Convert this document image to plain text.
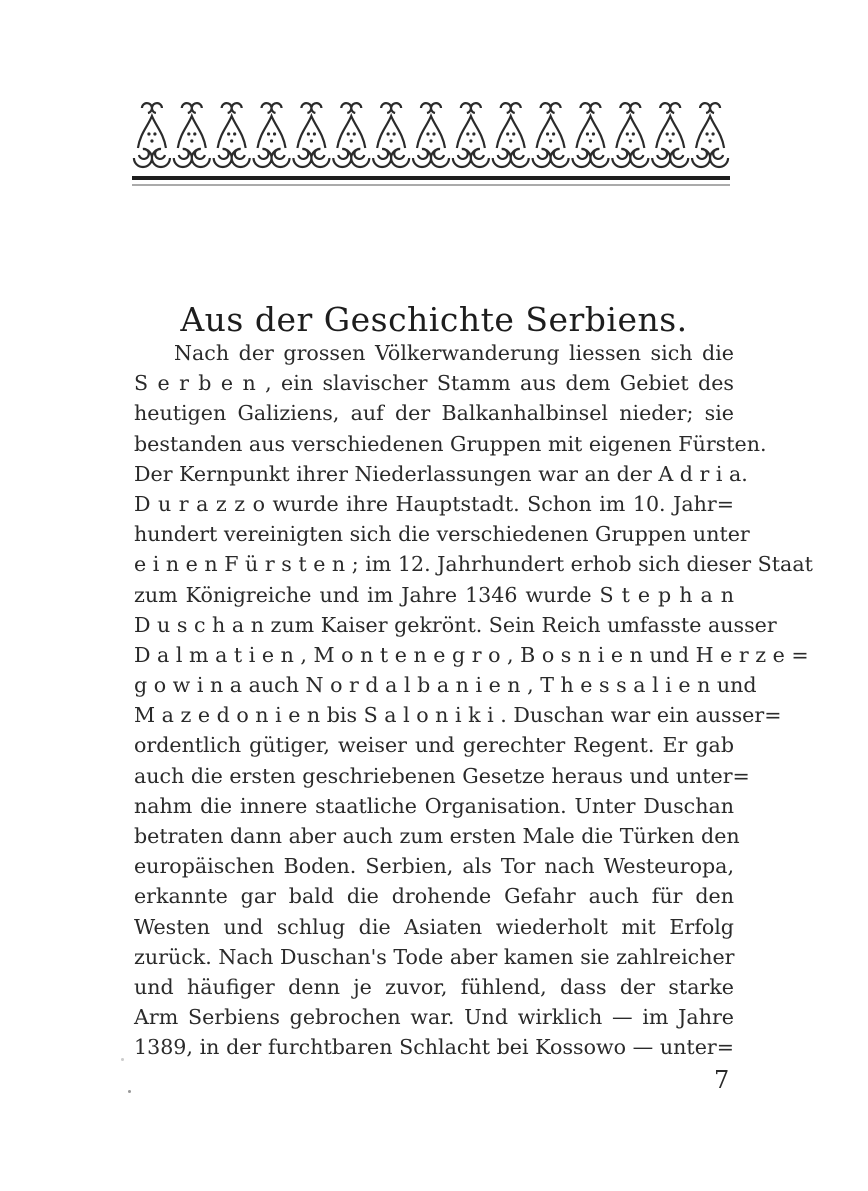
Aus der Geschichte Serbiens.
Nach der grossen Völkerwanderung liessen sich die
S e r b e n , ein slavischer Stamm aus dem Gebiet des
heutigen Galiziens, auf der Balkanhalbinsel nieder; sie
bestanden aus verschiedenen Gruppen mit eigenen Fürsten.
Der Kernpunkt ihrer Niederlassungen war an der A d r i a.
D u r a z z o wurde ihre Hauptstadt. Schon im 10. Jahr=
hundert vereinigten sich die verschiedenen Gruppen unter
e i n e n F ü r s t e n ; im 12. Jahrhundert erhob sich dieser Staat
zum Königreiche und im Jahre 1346 wurde S t e p h a n
D u s c h a n zum Kaiser gekrönt. Sein Reich umfasste ausser
D a l m a t i e n , M o n t e n e g r o , B o s n i e n und H e r z e =
g o w i n a auch N o r d a l b a n i e n , T h e s s a l i e n und
M a z e d o n i e n bis S a l o n i k i . Duschan war ein ausser=
ordentlich gütiger, weiser und gerechter Regent. Er gab
auch die ersten geschriebenen Gesetze heraus und unter=
nahm die innere staatliche Organisation. Unter Duschan
betraten dann aber auch zum ersten Male die Türken den
europäischen Boden. Serbien, als Tor nach Westeuropa,
erkannte gar bald die drohende Gefahr auch für den
Westen und schlug die Asiaten wiederholt mit Erfolg
zurück. Nach Duschan's Tode aber kamen sie zahlreicher
und häufiger denn je zuvor, fühlend, dass der starke
Arm Serbiens gebrochen war. Und wirklich — im Jahre
1389, in der furchtbaren Schlacht bei Kossowo — unter=
7
